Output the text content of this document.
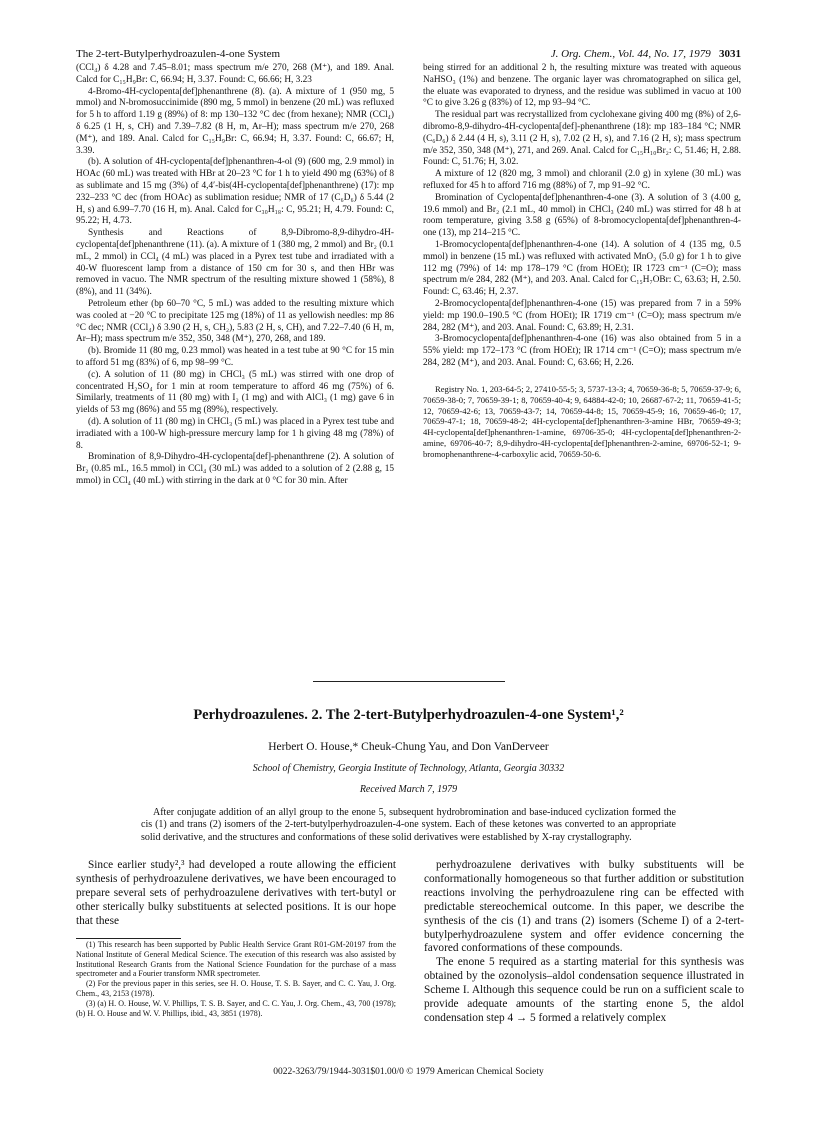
The 2-tert-Butylperhydroazulen-4-one System	J. Org. Chem., Vol. 44, No. 17, 1979 3031

(CCl₄) δ 4.28 and 7.45–8.01; mass spectrum m/e 270, 268 (M⁺), and 189. Anal. Calcd for C₁₅H₉Br: C, 66.94; H, 3.37. Found: C, 66.66; H, 3.23

4-Bromo-4H-cyclopenta[def]phenanthrene (8). (a). A mixture of 1 (950 mg, 5 mmol) and N-bromosuccinimide (890 mg, 5 mmol) in benzene (20 mL) was refluxed for 5 h to afford 1.19 g (89%) of 8: mp 130–132 °C dec (from hexane); NMR (CCl₄) δ 6.25 (1 H, s, CH) and 7.39–7.82 (8 H, m, Ar–H); mass spectrum m/e 270, 268 (M⁺), and 189. Anal. Calcd for C₁₅H₉Br: C, 66.94; H, 3.37. Found: C, 66.67; H, 3.39.

(b). A solution of 4H-cyclopenta[def]phenanthren-4-ol (9) (600 mg, 2.9 mmol) in HOAc (60 mL) was treated with HBr at 20–23 °C for 1 h to yield 490 mg (63%) of 8 as sublimate and 15 mg (3%) of 4,4′-bis(4H-cyclopenta[def]phenanthrene) (17): mp 232–233 °C dec (from HOAc) as sublimation residue; NMR of 17 (C₆D₆) δ 5.44 (2 H, s) and 6.99–7.70 (16 H, m). Anal. Calcd for C₃₀H₁₈: C, 95.21; H, 4.79. Found: C, 95.22; H, 4.73.

Synthesis and Reactions of 8,9-Dibromo-8,9-dihydro-4H-cyclopenta[def]phenanthrene (11). (a). A mixture of 1 (380 mg, 2 mmol) and Br₂ (0.1 mL, 2 mmol) in CCl₄ (4 mL) was placed in a Pyrex test tube and irradiated with a 40-W fluorescent lamp from a distance of 150 cm for 30 s, and then HBr was removed in vacuo. The NMR spectrum of the resulting mixture showed 1 (58%), 8 (8%), and 11 (34%).

Petroleum ether (bp 60–70 °C, 5 mL) was added to the resulting mixture which was cooled at −20 °C to precipitate 125 mg (18%) of 11 as yellowish needles: mp 86 °C dec; NMR (CCl₄) δ 3.90 (2 H, s, CH₂), 5.83 (2 H, s, CH), and 7.22–7.40 (6 H, m, Ar–H); mass spectrum m/e 352, 350, 348 (M⁺), 270, 268, and 189.

(b). Bromide 11 (80 mg, 0.23 mmol) was heated in a test tube at 90 °C for 15 min to afford 51 mg (83%) of 6, mp 98–99 °C.

(c). A solution of 11 (80 mg) in CHCl₃ (5 mL) was stirred with one drop of concentrated H₂SO₄ for 1 min at room temperature to afford 46 mg (75%) of 6. Similarly, treatments of 11 (80 mg) with I₂ (1 mg) and with AlCl₃ (1 mg) gave 6 in yields of 53 mg (86%) and 55 mg (89%), respectively.

(d). A solution of 11 (80 mg) in CHCl₃ (5 mL) was placed in a Pyrex test tube and irradiated with a 100-W high-pressure mercury lamp for 1 h giving 48 mg (78%) of 8.

Bromination of 8,9-Dihydro-4H-cyclopenta[def]-phenanthrene (2). A solution of Br₂ (0.85 mL, 16.5 mmol) in CCl₄ (30 mL) was added to a solution of 2 (2.88 g, 15 mmol) in CCl₄ (40 mL) with stirring in the dark at 0 °C for 30 min. After

being stirred for an additional 2 h, the resulting mixture was treated with aqueous NaHSO₃ (1%) and benzene. The organic layer was chromatographed on silica gel, the eluate was evaporated to dryness, and the residue was sublimed in vacuo at 100 °C to give 3.26 g (83%) of 12, mp 93–94 °C.

The residual part was recrystallized from cyclohexane giving 400 mg (8%) of 2,6-dibromo-8,9-dihydro-4H-cyclopenta[def]-phenanthrene (18): mp 183–184 °C; NMR (C₆D₆) δ 2.44 (4 H, s), 3.11 (2 H, s), 7.02 (2 H, s), and 7.16 (2 H, s); mass spectrum m/e 352, 350, 348 (M⁺), 271, and 269. Anal. Calcd for C₁₅H₁₀Br₂: C, 51.46; H, 2.88. Found: C, 51.76; H, 3.02.

A mixture of 12 (820 mg, 3 mmol) and chloranil (2.0 g) in xylene (30 mL) was refluxed for 45 h to afford 716 mg (88%) of 7, mp 91–92 °C.

Bromination of Cyclopenta[def]phenanthren-4-one (3). A solution of 3 (4.00 g, 19.6 mmol) and Br₂ (2.1 mL, 40 mmol) in CHCl₃ (240 mL) was stirred for 48 h at room temperature, giving 3.58 g (65%) of 8-bromocyclopenta[def]phenanthren-4-one (13), mp 214–215 °C.

1-Bromocyclopenta[def]phenanthren-4-one (14). A solution of 4 (135 mg, 0.5 mmol) in benzene (15 mL) was refluxed with activated MnO₂ (5.0 g) for 1 h to give 112 mg (79%) of 14: mp 178–179 °C (from HOEt); IR 1723 cm⁻¹ (C=O); mass spectrum m/e 284, 282 (M⁺), and 203. Anal. Calcd for C₁₅H₇OBr: C, 63.63; H, 2.50. Found: C, 63.46; H, 2.37.

2-Bromocyclopenta[def]phenanthren-4-one (15) was prepared from 7 in a 59% yield: mp 190.0–190.5 °C (from HOEt); IR 1719 cm⁻¹ (C=O); mass spectrum m/e 284, 282 (M⁺), and 203. Anal. Found: C, 63.89; H, 2.31.

3-Bromocyclopenta[def]phenanthren-4-one (16) was also obtained from 5 in a 55% yield: mp 172–173 °C (from HOEt); IR 1714 cm⁻¹ (C=O); mass spectrum m/e 284, 282 (M⁺), and 203. Anal. Found: C, 63.66; H, 2.26.

Registry No. 1, 203-64-5; 2, 27410-55-5; 3, 5737-13-3; 4, 70659-36-8; 5, 70659-37-9; 6, 70659-38-0; 7, 70659-39-1; 8, 70659-40-4; 9, 64884-42-0; 10, 26687-67-2; 11, 70659-41-5; 12, 70659-42-6; 13, 70659-43-7; 14, 70659-44-8; 15, 70659-45-9; 16, 70659-46-0; 17, 70659-47-1; 18, 70659-48-2; 4H-cyclopenta[def]phenanthren-3-amine HBr, 70659-49-3; 4H-cyclopenta[def]phenanthren-1-amine, 69706-35-0; 4H-cyclopenta[def]phenanthren-2-amine, 69706-40-7; 8,9-dihydro-4H-cyclopenta[def]phenanthren-2-amine, 69706-52-1; 9-bromophenanthrene-4-carboxylic acid, 70659-50-6.

Perhydroazulenes. 2. The 2-tert-Butylperhydroazulen-4-one System¹,²
Herbert O. House,* Cheuk-Chung Yau, and Don VanDerveer
School of Chemistry, Georgia Institute of Technology, Atlanta, Georgia 30332
Received March 7, 1979
After conjugate addition of an allyl group to the enone 5, subsequent hydrobromination and base-induced cyclization formed the cis (1) and trans (2) isomers of the 2-tert-butylperhydroazulen-4-one system. Each of these ketones was converted to an appropriate solid derivative, and the structures and conformations of these solid derivatives were established by X-ray crystallography.

Since earlier study²,³ had developed a route allowing the efficient synthesis of perhydroazulene derivatives, we have been encouraged to prepare several sets of perhydroazulene derivatives with tert-butyl or other sterically bulky substituents at selected positions. It is our hope that these

(1) This research has been supported by Public Health Service Grant R01-GM-20197 from the National Institute of General Medical Science. The execution of this research was also assisted by Institutional Research Grants from the National Science Foundation for the purchase of a mass spectrometer and a Fourier transform NMR spectrometer.

(2) For the previous paper in this series, see H. O. House, T. S. B. Sayer, and C. C. Yau, J. Org. Chem., 43, 2153 (1978).

(3) (a) H. O. House, W. V. Phillips, T. S. B. Sayer, and C. C. Yau, J. Org. Chem., 43, 700 (1978); (b) H. O. House and W. V. Phillips, ibid., 43, 3851 (1978).

perhydroazulene derivatives with bulky substituents will be conformationally homogeneous so that further addition or substitution reactions involving the perhydroazulene ring can be effected with predictable stereochemical outcome. In this paper, we describe the synthesis of the cis (1) and trans (2) isomers (Scheme I) of a 2-tert-butylperhydroazulene system and offer evidence concerning the favored conformations of these compounds.

The enone 5 required as a starting material for this synthesis was obtained by the ozonolysis–aldol condensation sequence illustrated in Scheme I. Although this sequence could be run on a sufficient scale to provide adequate amounts of the starting enone 5, the aldol condensation step 4 → 5 formed a relatively complex

0022-3263/79/1944-3031$01.00/0 © 1979 American Chemical Society
